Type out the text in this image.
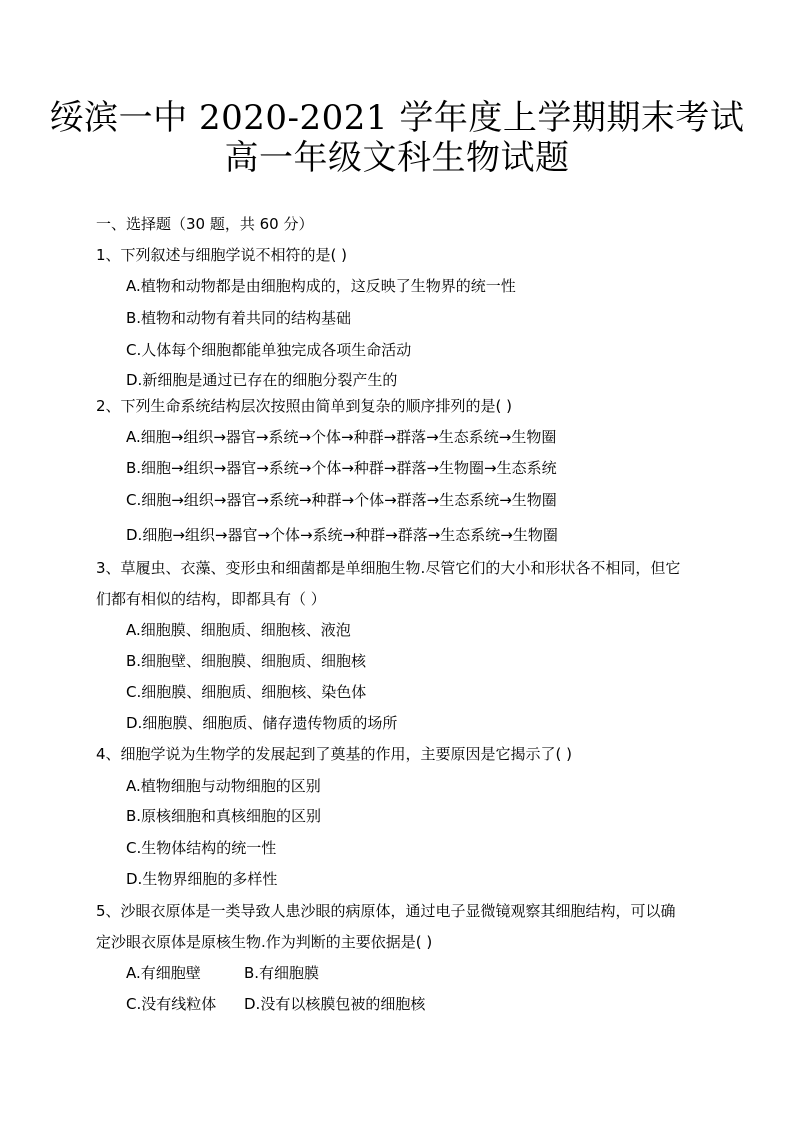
绥滨一中 2020-2021 学年度上学期期末考试
高一年级文科生物试题
一、选择题（30 题，共 60 分）
1、下列叙述与细胞学说不相符的是( )
A.植物和动物都是由细胞构成的，这反映了生物界的统一性
B.植物和动物有着共同的结构基础
C.人体每个细胞都能单独完成各项生命活动
D.新细胞是通过已存在的细胞分裂产生的
2、下列生命系统结构层次按照由简单到复杂的顺序排列的是( )
A.细胞→组织→器官→系统→个体→种群→群落→生态系统→生物圈
B.细胞→组织→器官→系统→个体→种群→群落→生物圈→生态系统
C.细胞→组织→器官→系统→种群→个体→群落→生态系统→生物圈
D.细胞→组织→器官→个体→系统→种群→群落→生态系统→生物圈
3、草履虫、衣藻、变形虫和细菌都是单细胞生物.尽管它们的大小和形状各不相同，但它
们都有相似的结构，即都具有（ ）
A.细胞膜、细胞质、细胞核、液泡
B.细胞壁、细胞膜、细胞质、细胞核
C.细胞膜、细胞质、细胞核、染色体
D.细胞膜、细胞质、储存遗传物质的场所
4、细胞学说为生物学的发展起到了奠基的作用，主要原因是它揭示了( )
A.植物细胞与动物细胞的区别
B.原核细胞和真核细胞的区别
C.生物体结构的统一性
D.生物界细胞的多样性
5、沙眼衣原体是一类导致人患沙眼的病原体，通过电子显微镜观察其细胞结构，可以确
定沙眼衣原体是原核生物.作为判断的主要依据是( )
A.有细胞壁	B.有细胞膜
C.没有线粒体 D.没有以核膜包被的细胞核
